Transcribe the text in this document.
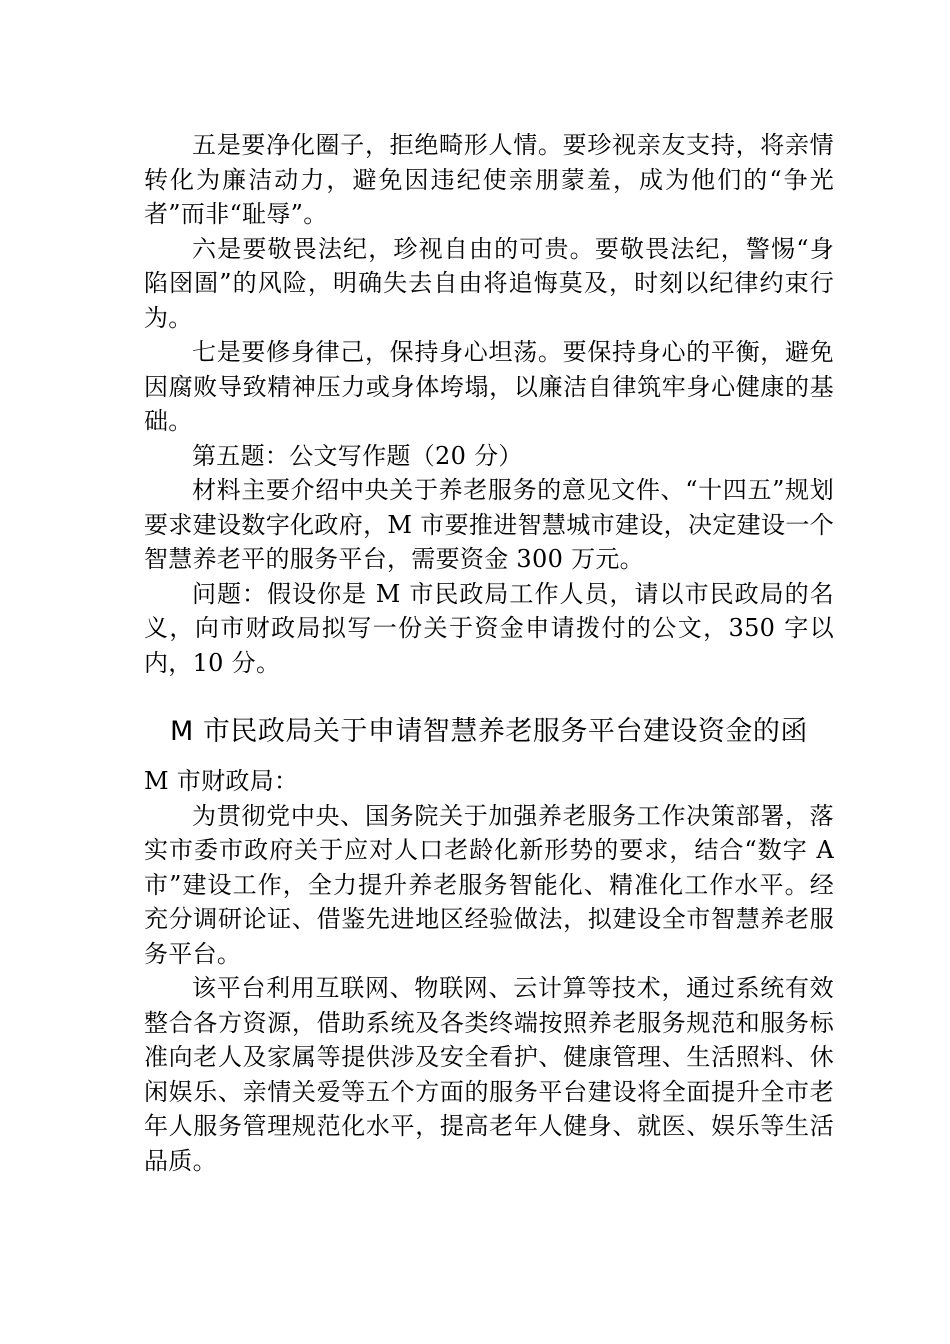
五是要净化圈子，拒绝畸形人情。要珍视亲友支持，将亲情转化为廉洁动力，避免因违纪使亲朋蒙羞，成为他们的“争光者”而非“耻辱”。

六是要敬畏法纪，珍视自由的可贵。要敬畏法纪，警惕“身陷囹圄”的风险，明确失去自由将追悔莫及，时刻以纪律约束行为。

七是要修身律己，保持身心坦荡。要保持身心的平衡，避免因腐败导致精神压力或身体垮塌，以廉洁自律筑牢身心健康的基础。

第五题：公文写作题（20 分）

材料主要介绍中央关于养老服务的意见文件、“十四五”规划要求建设数字化政府，M 市要推进智慧城市建设，决定建设一个智慧养老平的服务平台，需要资金 300 万元。

问题：假设你是 M 市民政局工作人员，请以市民政局的名义，向市财政局拟写一份关于资金申请拨付的公文，350 字以内，10 分。

M 市民政局关于申请智慧养老服务平台建设资金的函

M 市财政局：

为贯彻党中央、国务院关于加强养老服务工作决策部署，落实市委市政府关于应对人口老龄化新形势的要求，结合“数字 A 市”建设工作，全力提升养老服务智能化、精准化工作水平。经充分调研论证、借鉴先进地区经验做法，拟建设全市智慧养老服务平台。

该平台利用互联网、物联网、云计算等技术，通过系统有效整合各方资源，借助系统及各类终端按照养老服务规范和服务标准向老人及家属等提供涉及安全看护、健康管理、生活照料、休闲娱乐、亲情关爱等五个方面的服务平台建设将全面提升全市老年人服务管理规范化水平，提高老年人健身、就医、娱乐等生活品质。
